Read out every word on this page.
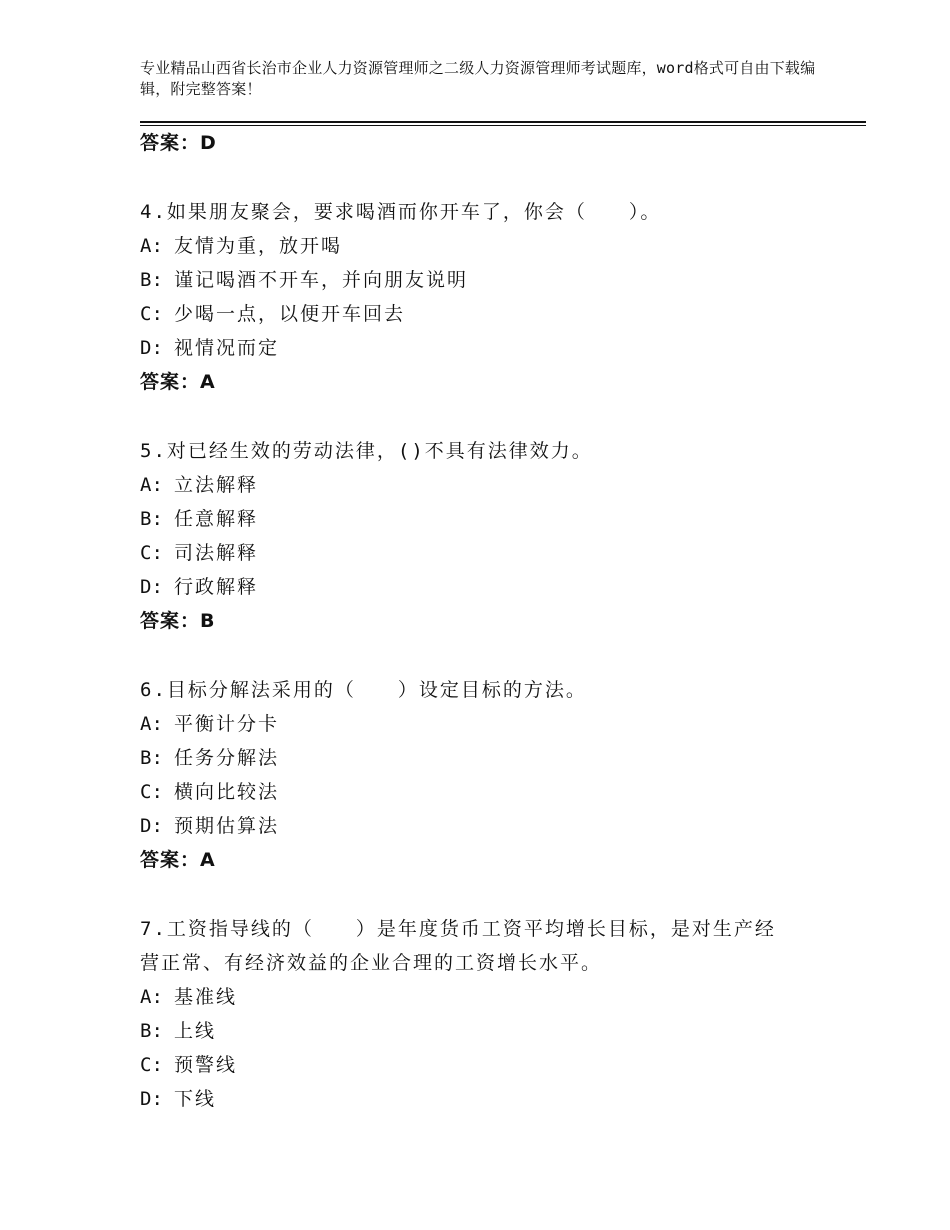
专业精品山西省长治市企业人力资源管理师之二级人力资源管理师考试题库，word格式可自由下载编辑，附完整答案！
答案：D
4.如果朋友聚会，要求喝酒而你开车了，你会（　　）。
A: 友情为重，放开喝
B: 谨记喝酒不开车，并向朋友说明
C: 少喝一点，以便开车回去
D: 视情况而定
答案：A
5.对已经生效的劳动法律，()不具有法律效力。
A: 立法解释
B: 任意解释
C: 司法解释
D: 行政解释
答案：B
6.目标分解法采用的（　　）设定目标的方法。
A: 平衡计分卡
B: 任务分解法
C: 横向比较法
D: 预期估算法
答案：A
7.工资指导线的（　　）是年度货币工资平均增长目标，是对生产经
营正常、有经济效益的企业合理的工资增长水平。
A: 基准线
B: 上线
C: 预警线
D: 下线
